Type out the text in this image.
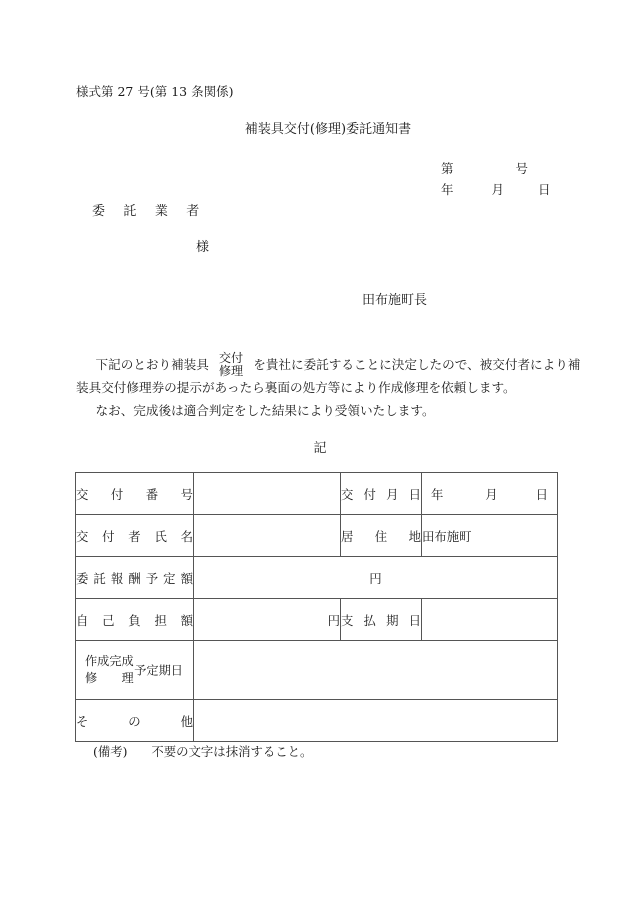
様式第 27 号(第 13 条関係)
補装具交付(修理)委託通知書
第	号
年	月	日
委 託 業 者
様
田布施町長
下記のとおり補装具 交付
修理 を貴社に委託することに決定したので、被交付者により補
装具交付修理券の提示があったら裏面の処方等により作成修理を依頼します。
なお、完成後は適合判定をした結果により受領いたします。
記
交付番号		交付月日	年 月 日

交付者氏名		居住地	田布施町

委託報酬予定額	円		

自己負担額	円	支払期日	

作成完成
修理
予定期日			

その他			

(備考) 不要の文字は抹消すること。
